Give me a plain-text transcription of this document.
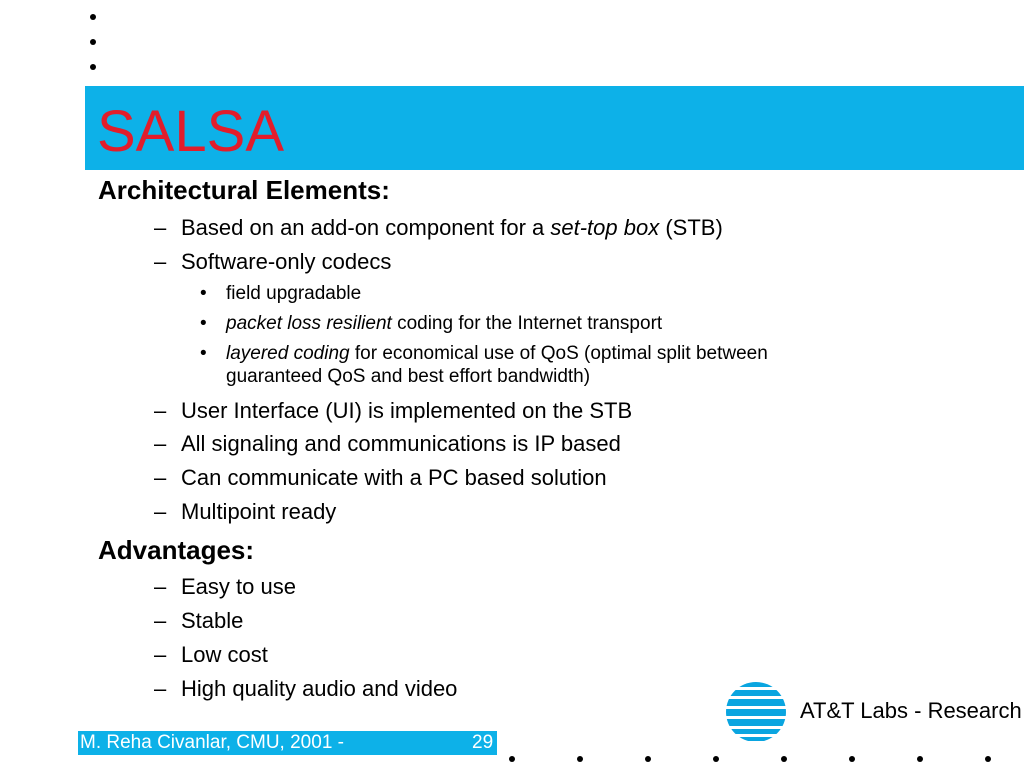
SALSA
Architectural Elements:
– Based on an add-on component for a set-top box (STB)
– Software-only codecs
• field upgradable
• packet loss resilient coding for the Internet transport
• layered coding for economical use of QoS (optimal split between
guaranteed QoS and best effort bandwidth)
– User Interface (UI) is implemented on the STB
– All signaling and communications is IP based
– Can communicate with a PC based solution
– Multipoint ready
Advantages:
– Easy to use
– Stable
– Low cost
– High quality audio and video
M. Reha Civanlar, CMU, 2001 -	29
AT&T Labs - Research
